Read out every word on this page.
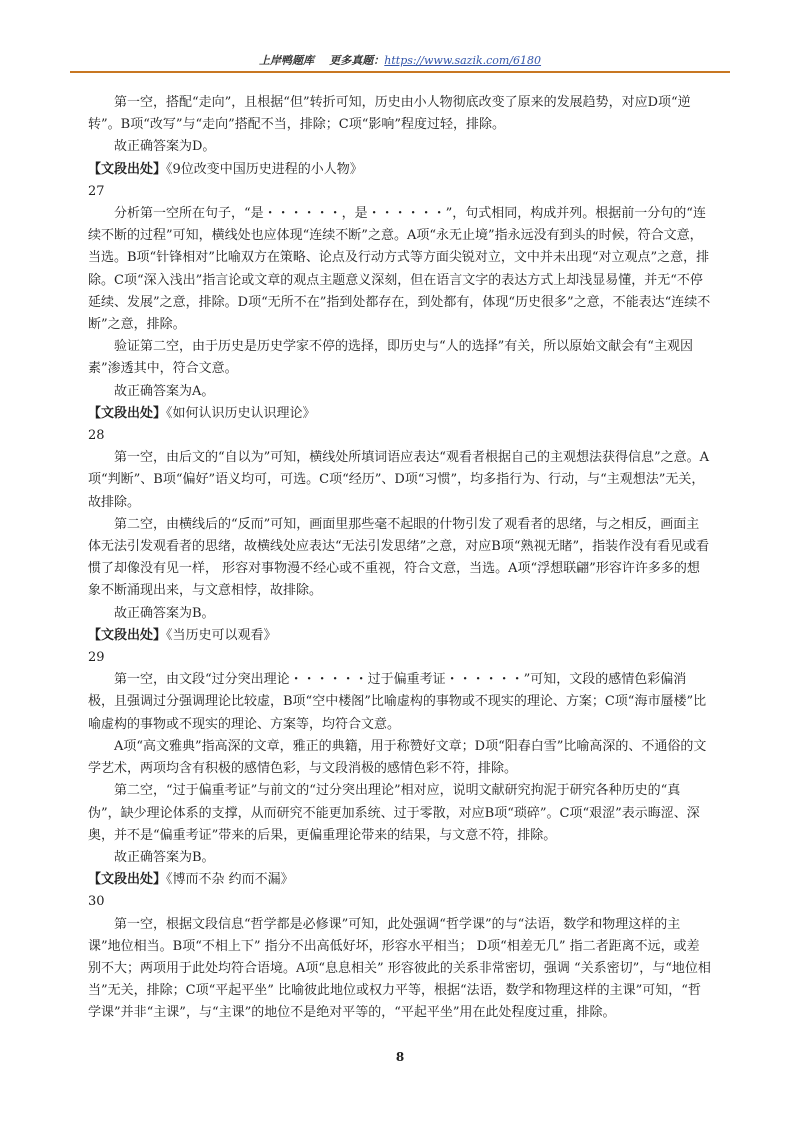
上岸鸭题库 更多真题：https://www.sazik.com/6180

第一空，搭配“走向”，且根据“但”转折可知，历史由小人物彻底改变了原来的发展趋势，对应D项“逆转”。B项“改写”与“走向”搭配不当，排除；C项“影响”程度过轻，排除。

故正确答案为D。

【文段出处】《9位改变中国历史进程的小人物》

27

分析第一空所在句子，“是・・・・・・，是・・・・・・”，句式相同，构成并列。根据前一分句的“连续不断的过程”可知，横线处也应体现“连续不断”之意。A项“永无止境”指永远没有到头的时候，符合文意，当选。B项“针锋相对”比喻双方在策略、论点及行动方式等方面尖锐对立，文中并未出现“对立观点”之意，排除。C项“深入浅出”指言论或文章的观点主题意义深刻，但在语言文字的表达方式上却浅显易懂，并无“不停延续、发展”之意，排除。D项“无所不在”指到处都存在，到处都有，体现“历史很多”之意，不能表达“连续不断”之意，排除。

验证第二空，由于历史是历史学家不停的选择，即历史与“人的选择”有关，所以原始文献会有“主观因素”渗透其中，符合文意。

故正确答案为A。

【文段出处】《如何认识历史认识理论》

28

第一空，由后文的“自以为”可知，横线处所填词语应表达“观看者根据自己的主观想法获得信息”之意。A项“判断”、B项“偏好”语义均可，可选。C项“经历”、D项“习惯”，均多指行为、行动，与“主观想法”无关，故排除。

第二空，由横线后的“反而”可知，画面里那些毫不起眼的什物引发了观看者的思绪，与之相反，画面主体无法引发观看者的思绪，故横线处应表达“无法引发思绪”之意，对应B项“熟视无睹”，指装作没有看见或看惯了却像没有见一样， 形容对事物漫不经心或不重视，符合文意，当选。A项“浮想联翩”形容许许多多的想象不断涌现出来，与文意相悖，故排除。

故正确答案为B。

【文段出处】《当历史可以观看》

29

第一空，由文段“过分突出理论・・・・・・过于偏重考证・・・・・・”可知，文段的感情色彩偏消极，且强调过分强调理论比较虚，B项“空中楼阁”比喻虚构的事物或不现实的理论、方案；C项“海市蜃楼”比喻虚构的事物或不现实的理论、方案等，均符合文意。

A项“高文雅典”指高深的文章，雅正的典籍，用于称赞好文章；D项“阳春白雪”比喻高深的、不通俗的文学艺术，两项均含有积极的感情色彩，与文段消极的感情色彩不符，排除。

第二空，“过于偏重考证”与前文的“过分突出理论”相对应，说明文献研究拘泥于研究各种历史的“真伪”，缺少理论体系的支撑，从而研究不能更加系统、过于零散，对应B项“琐碎”。C项“艰涩”表示晦涩、深奥，并不是“偏重考证”带来的后果，更偏重理论带来的结果，与文意不符，排除。

故正确答案为B。

【文段出处】《博而不杂 约而不漏》

30

第一空，根据文段信息“哲学都是必修课”可知，此处强调“哲学课”的与“法语，数学和物理这样的主课”地位相当。B项“不相上下” 指分不出高低好坏，形容水平相当； D项“相差无几” 指二者距离不远，或差别不大；两项用于此处均符合语境。A项“息息相关” 形容彼此的关系非常密切，强调 “关系密切”，与“地位相当”无关，排除；C项“平起平坐” 比喻彼此地位或权力平等，根据“法语，数学和物理这样的主课”可知，“哲学课”并非“主课”，与“主课”的地位不是绝对平等的，“平起平坐”用在此处程度过重，排除。

8
